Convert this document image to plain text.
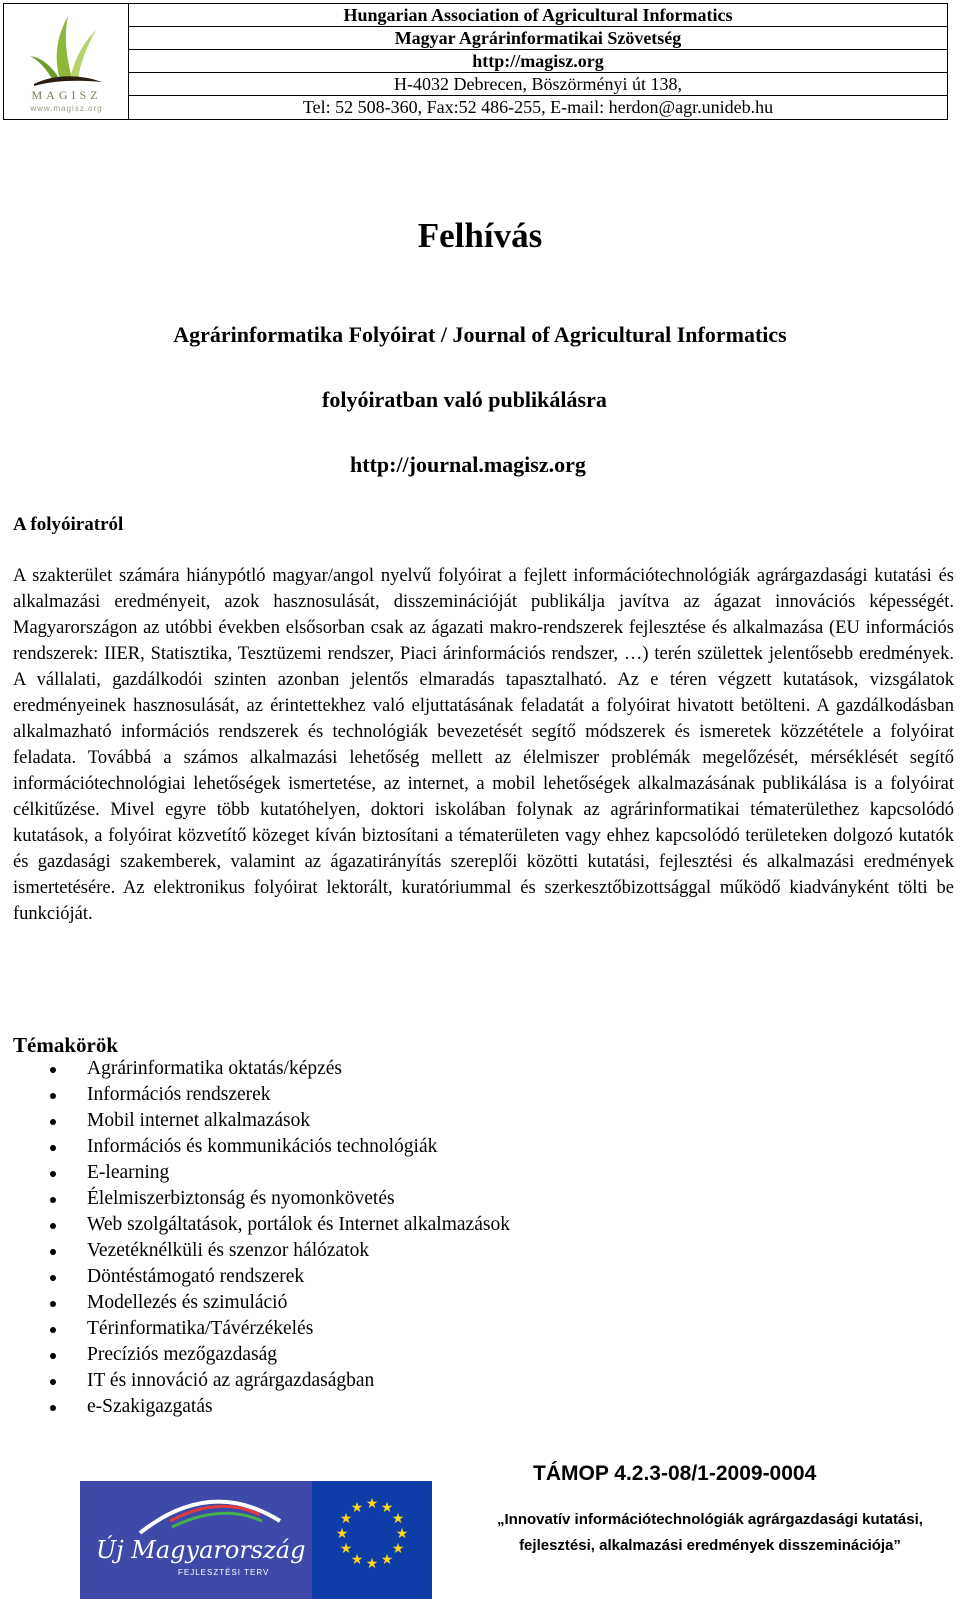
MAGISZ
www.magisz.org
Hungarian Association of Agricultural Informatics
Magyar Agrárinformatikai Szövetség
http://magisz.org
H-4032 Debrecen, Böszörményi út 138,
Tel: 52 508-360, Fax:52 486-255, E-mail: herdon@agr.unideb.hu
Felhívás
Agrárinformatika Folyóirat / Journal of Agricultural Informatics
folyóiratban való publikálásra
http://journal.magisz.org
A folyóiratról
A szakterület számára hiánypótló magyar/angol nyelvű folyóirat a fejlett információtechnológiák agrárgazdasági kutatási és alkalmazási eredményeit, azok hasznosulását, disszeminációját publikálja javítva az ágazat innovációs képességét. Magyarországon az utóbbi években elsősorban csak az ágazati makro-rendszerek fejlesztése és alkalmazása (EU információs rendszerek: IIER, Statisztika, Tesztüzemi rendszer, Piaci árinformációs rendszer, …) terén születtek jelentősebb eredmények. A vállalati, gazdálkodói szinten azonban jelentős elmaradás tapasztalható. Az e téren végzett kutatások, vizsgálatok eredményeinek hasznosulását, az érintettekhez való eljuttatásának feladatát a folyóirat hivatott betölteni. A gazdálkodásban alkalmazható információs rendszerek és technológiák bevezetését segítő módszerek és ismeretek közzététele a folyóirat feladata. Továbbá a számos alkalmazási lehetőség mellett az élelmiszer problémák megelőzését, mérséklését segítő információtechnológiai lehetőségek ismertetése, az internet, a mobil lehetőségek alkalmazásának publikálása is a folyóirat célkitűzése. Mivel egyre több kutatóhelyen, doktori iskolában folynak az agrárinformatikai tématerülethez kapcsolódó kutatások, a folyóirat közvetítő közeget kíván biztosítani a tématerületen vagy ehhez kapcsolódó területeken dolgozó kutatók és gazdasági szakemberek, valamint az ágazatirányítás szereplői közötti kutatási, fejlesztési és alkalmazási eredmények ismertetésére. Az elektronikus folyóirat lektorált, kuratóriummal és szerkesztőbizottsággal működő kiadványként tölti be funkcióját.
Témakörök
Agrárinformatika oktatás/képzés
Információs rendszerek
Mobil internet alkalmazások
Információs és kommunikációs technológiák
E-learning
Élelmiszerbiztonság és nyomonkövetés
Web szolgáltatások, portálok és Internet alkalmazások
Vezetéknélküli és szenzor hálózatok
Döntéstámogató rendszerek
Modellezés és szimuláció
Térinformatika/Távérzékelés
Precíziós mezőgazdaság
IT és innováció az agrárgazdaságban
e-Szakigazgatás
Új Magyarország
FEJLESZTÉSI TERV
★ ★
★
★
★
★
★
★
★
★
★
★
TÁMOP 4.2.3-08/1-2009-0004
„Innovatív információtechnológiák agrárgazdasági kutatási,
fejlesztési, alkalmazási eredmények disszeminációja”
